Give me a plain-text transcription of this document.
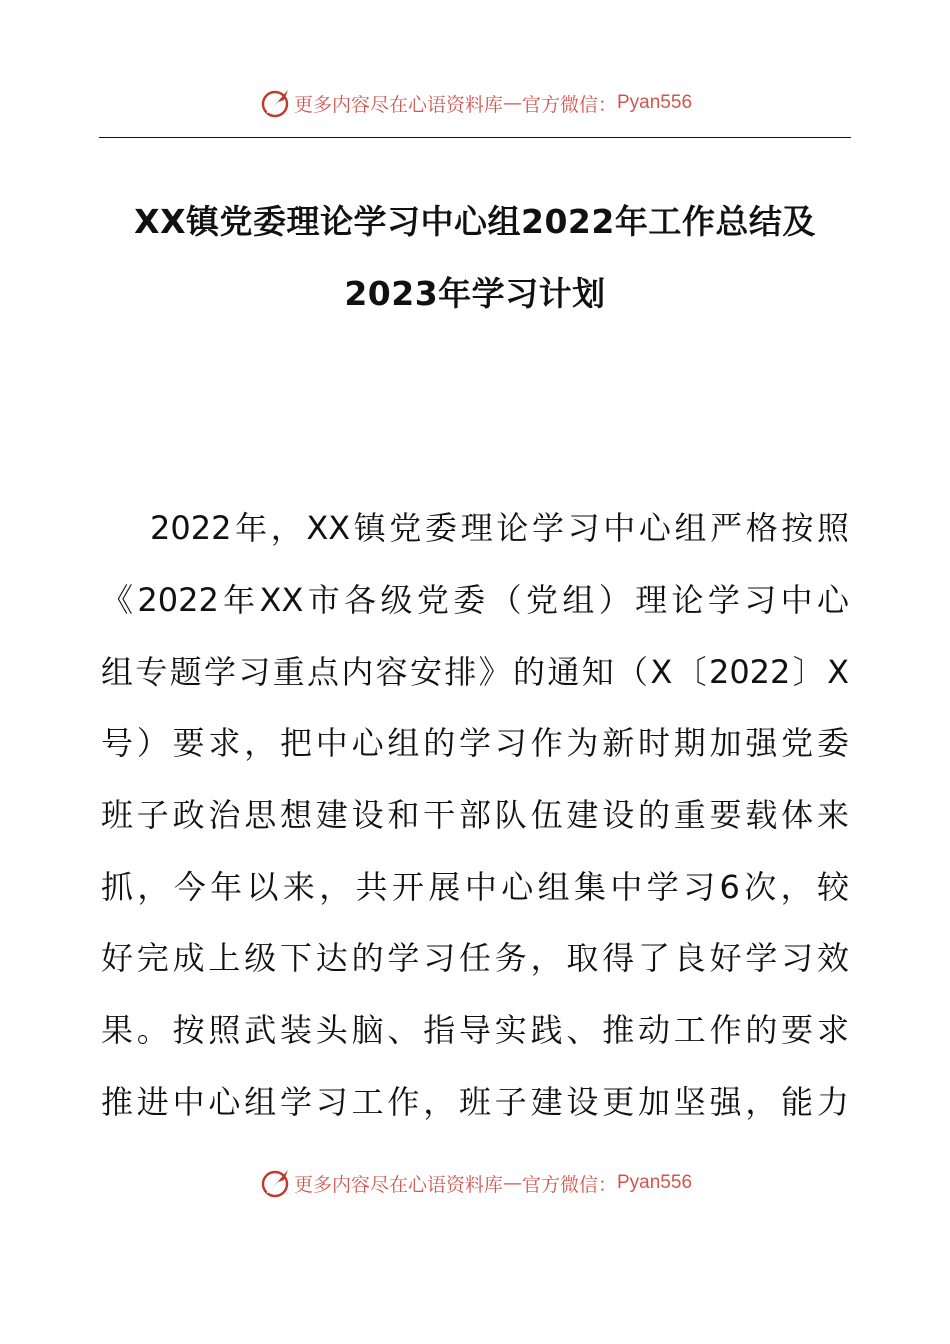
更多内容尽在心语资料库 — 官方微信： Pyan556
XX镇党委理论学习中心组2022年工作总结及
2023年学习计划
2022年，XX镇党委理论学习中心组严格按照
《2022年XX市各级党委（党组）理论学习中心
组专题学习重点内容安排》的通知（X〔2022〕X
号）要求，把中心组的学习作为新时期加强党委
班子政治思想建设和干部队伍建设的重要载体来
抓，今年以来，共开展中心组集中学习6次，较
好完成上级下达的学习任务，取得了良好学习效
果。按照武装头脑、指导实践、推动工作的要求
推进中心组学习工作，班子建设更加坚强，能力
更多内容尽在心语资料库 — 官方微信： Pyan556
